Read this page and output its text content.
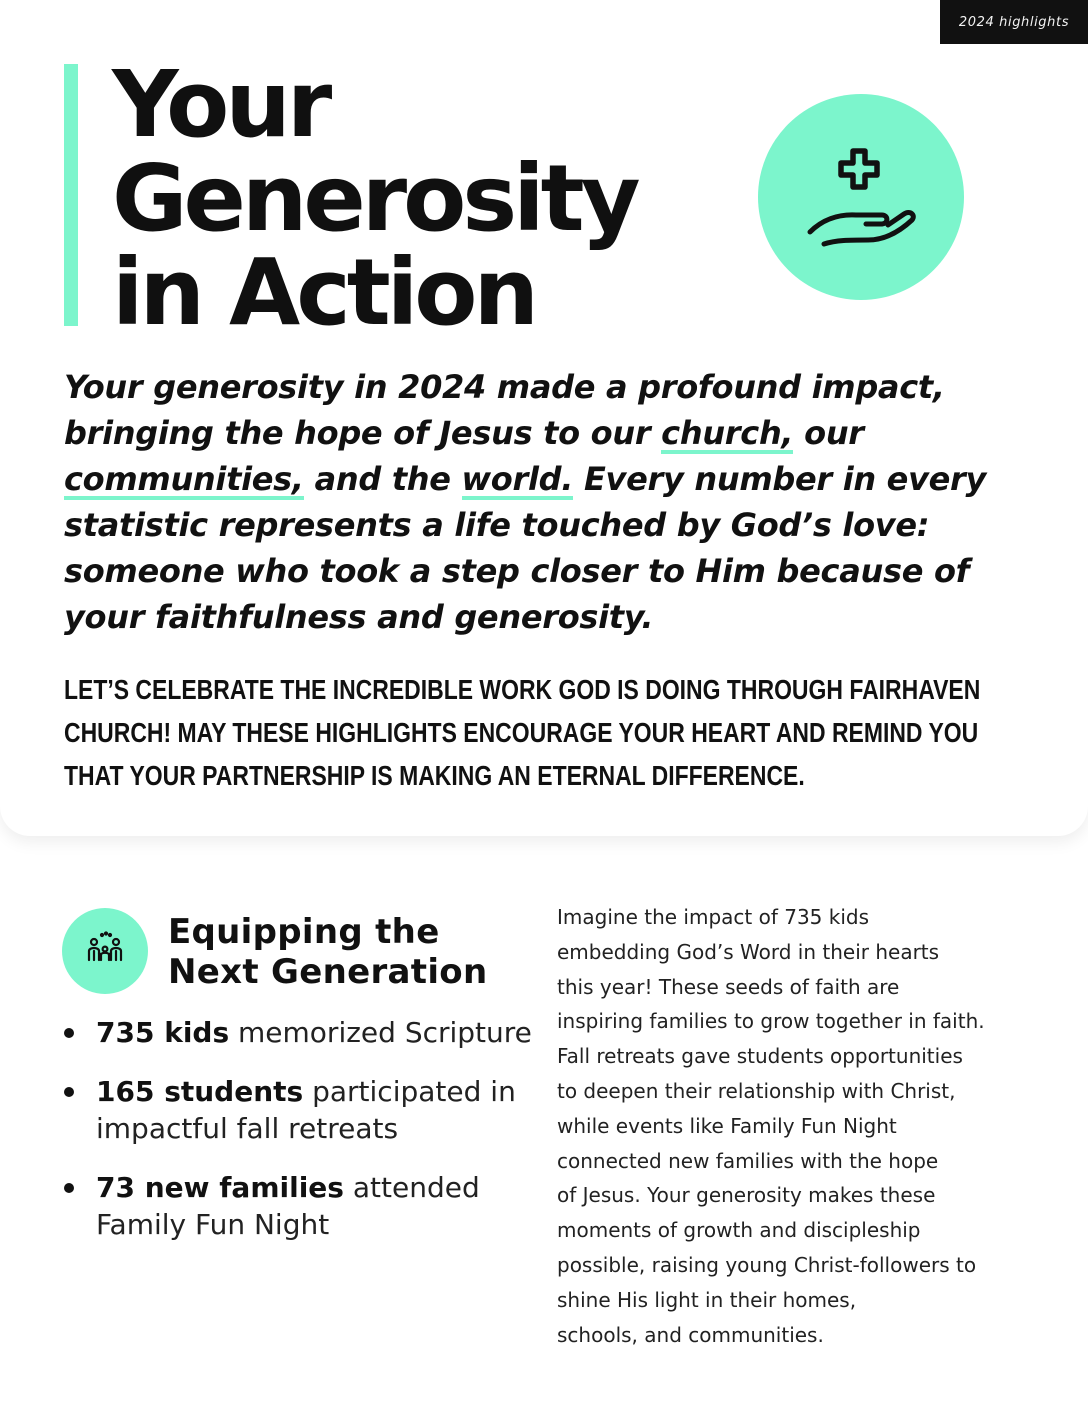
Your
Generosity
in Action

Your generosity in 2024 made a profound impact, bringing the hope of Jesus to our church, our communities, and the world. Every number in every statistic represents a life touched by God’s love: someone who took a step closer to Him because of your faithfulness and generosity.

LET’S CELEBRATE THE INCREDIBLE WORK GOD IS DOING THROUGH FAIRHAVEN CHURCH! MAY THESE HIGHLIGHTS ENCOURAGE YOUR HEART AND REMIND YOU THAT YOUR PARTNERSHIP IS MAKING AN ETERNAL DIFFERENCE.

2024 highlights
Equipping the
Next Generation
735 kids memorized Scripture
165 students participated in impactful fall retreats
73 new families attended Family Fun Night

Imagine the impact of 735 kids
embedding God’s Word in their hearts
this year! These seeds of faith are
inspiring families to grow together in faith.
Fall retreats gave students opportunities
to deepen their relationship with Christ,
while events like Family Fun Night
connected new families with the hope
of Jesus. Your generosity makes these
moments of growth and discipleship
possible, raising young Christ-followers to
shine His light in their homes,
schools, and communities.
